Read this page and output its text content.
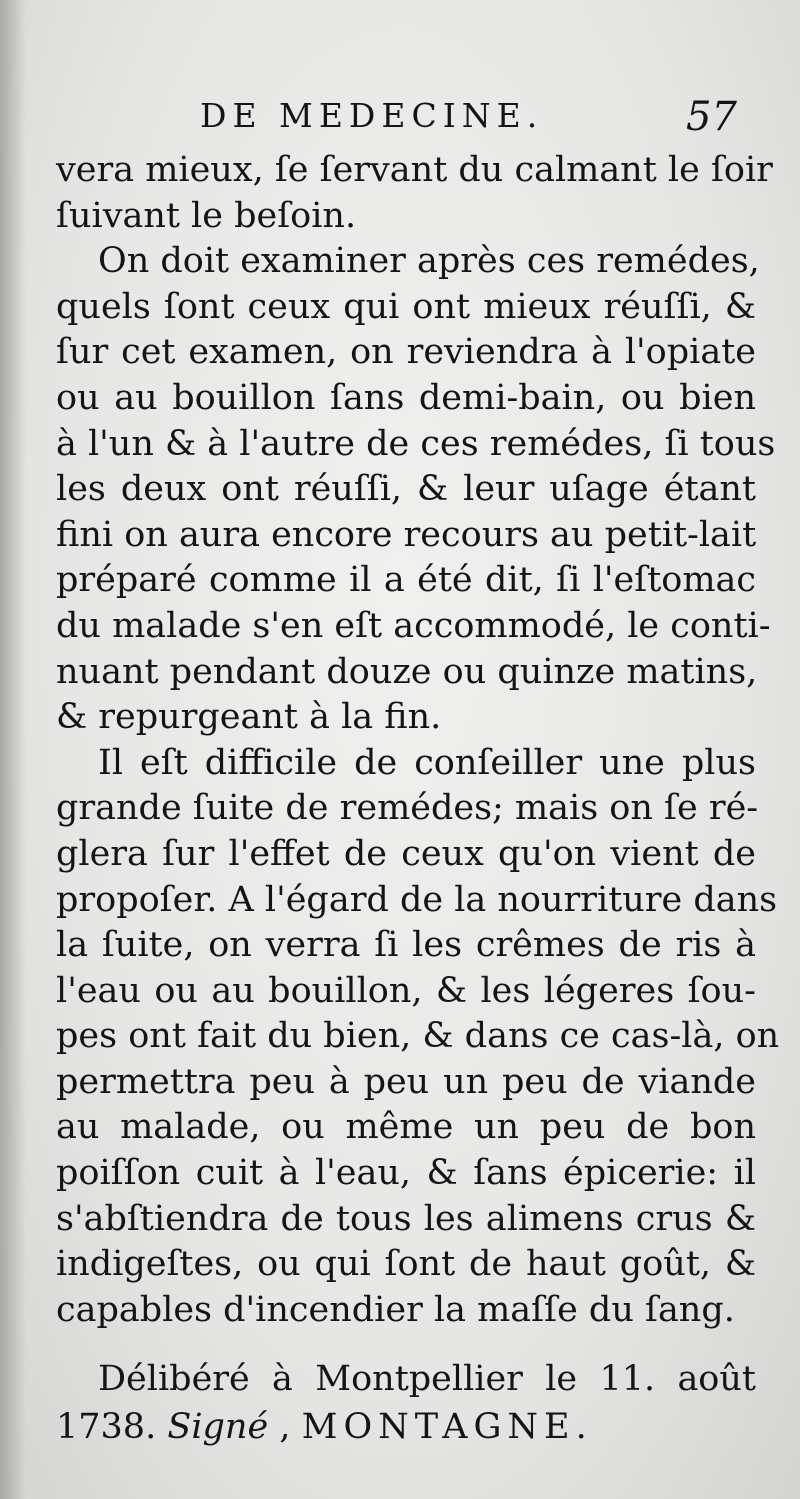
DE MEDECINE.	57
vera mieux, ſe ſervant du calmant le ſoir
ſuivant le beſoin.
On doit examiner après ces remédes,
quels ſont ceux qui ont mieux réuſſi, &
ſur cet examen, on reviendra à l'opiate
ou au bouillon ſans demi-bain, ou bien
à l'un & à l'autre de ces remédes, ſi tous
les deux ont réuſſi, & leur uſage étant
fini on aura encore recours au petit-lait
préparé comme il a été dit, ſi l'eſtomac
du malade s'en eſt accommodé, le conti-
nuant pendant douze ou quinze matins,
& repurgeant à la fin.
Il eſt difficile de conſeiller une plus
grande ſuite de remédes; mais on ſe ré-
glera ſur l'effet de ceux qu'on vient de
propoſer. A l'égard de la nourriture dans
la ſuite, on verra ſi les crêmes de ris à
l'eau ou au bouillon, & les légeres ſou-
pes ont fait du bien, & dans ce cas-là, on
permettra peu à peu un peu de viande
au malade, ou même un peu de bon
poiſſon cuit à l'eau, & ſans épicerie: il
s'abſtiendra de tous les alimens crus &
indigeſtes, ou qui ſont de haut goût, &
capables d'incendier la maſſe du ſang.
Délibéré à Montpellier le 11. août
1738. Signé , MONTAGNE.
